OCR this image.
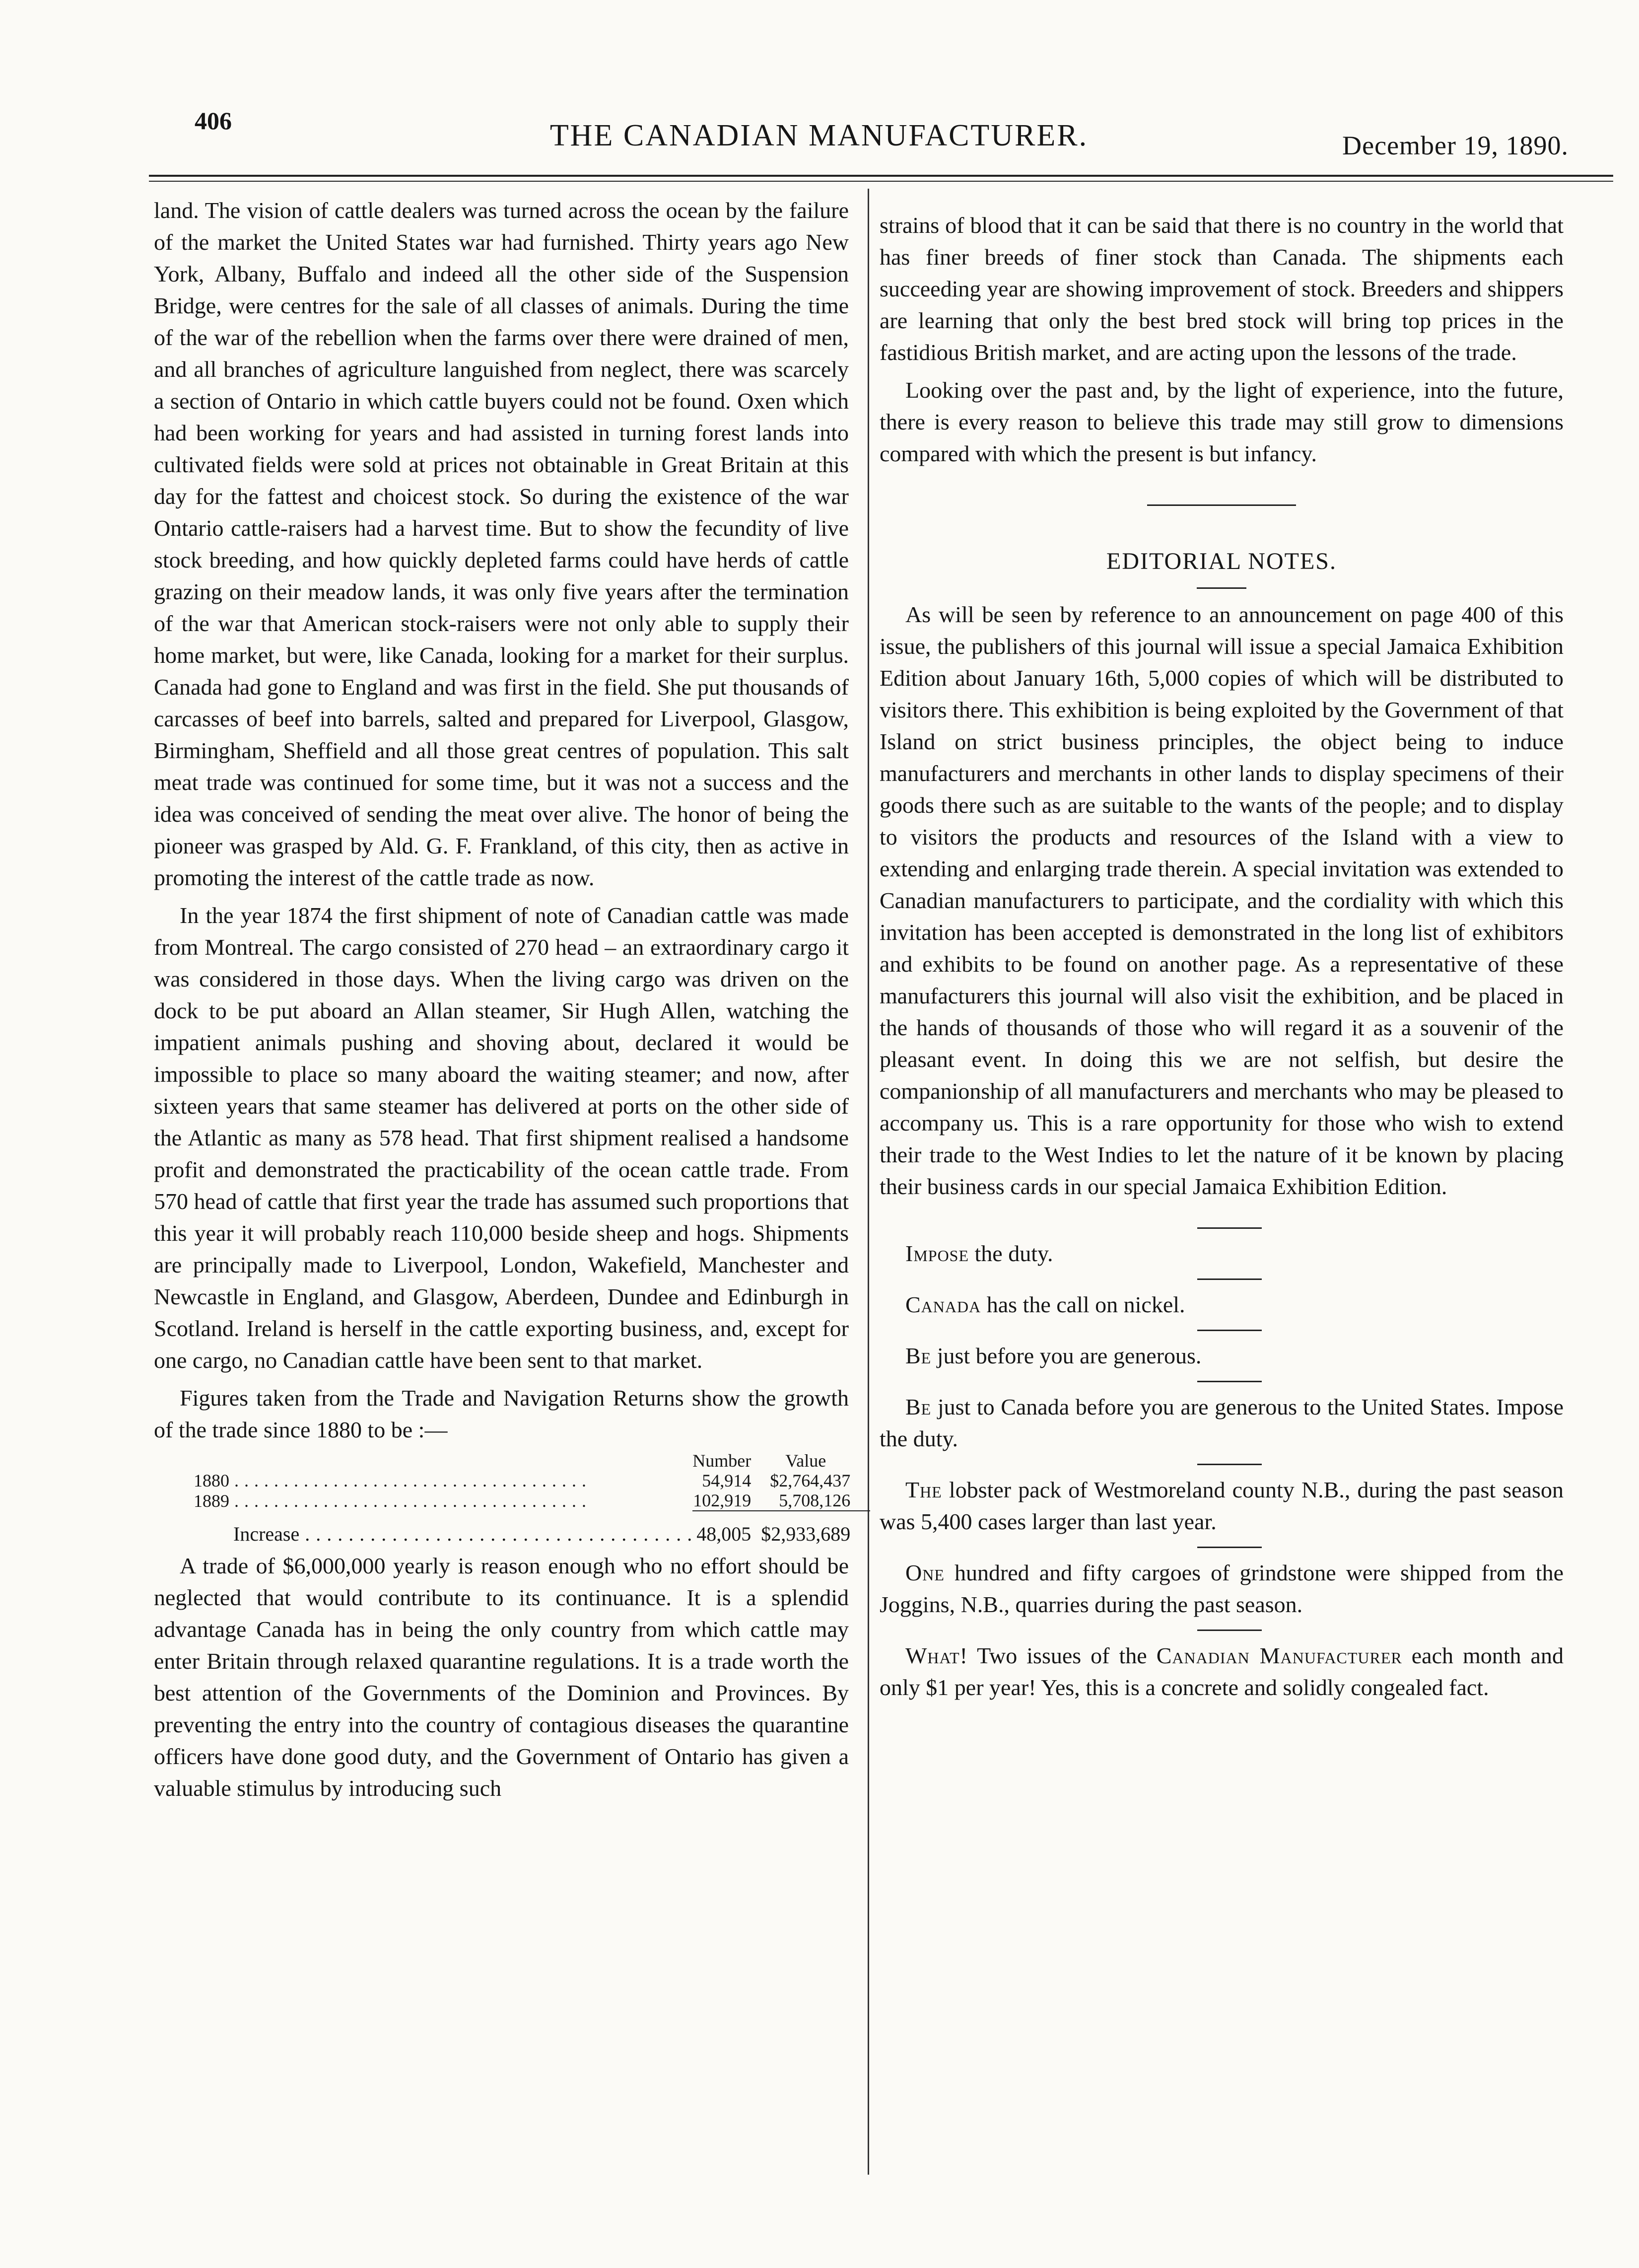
406	THE CANADIAN MANUFACTURER.	December 19, 1890.

land. The vision of cattle dealers was turned across the ocean by the failure of the market the United States war had furnished. Thirty years ago New York, Albany, Buffalo and indeed all the other side of the Suspension Bridge, were centres for the sale of all classes of animals. During the time of the war of the rebellion when the farms over there were drained of men, and all branches of agriculture languished from neglect, there was scarcely a section of Ontario in which cattle buyers could not be found. Oxen which had been working for years and had assisted in turning forest lands into cultivated fields were sold at prices not obtainable in Great Britain at this day for the fattest and choicest stock. So during the existence of the war Ontario cattle-raisers had a harvest time. But to show the fecundity of live stock breeding, and how quickly depleted farms could have herds of cattle grazing on their meadow lands, it was only five years after the termination of the war that American stock-raisers were not only able to supply their home market, but were, like Canada, looking for a market for their surplus. Canada had gone to England and was first in the field. She put thousands of carcasses of beef into barrels, salted and prepared for Liverpool, Glasgow, Birmingham, Sheffield and all those great centres of population. This salt meat trade was continued for some time, but it was not a success and the idea was conceived of sending the meat over alive. The honor of being the pioneer was grasped by Ald. G. F. Frankland, of this city, then as active in promoting the interest of the cattle trade as now.

In the year 1874 the first shipment of note of Canadian cattle was made from Montreal. The cargo consisted of 270 head – an extraordinary cargo it was considered in those days. When the living cargo was driven on the dock to be put aboard an Allan steamer, Sir Hugh Allen, watching the impatient animals pushing and shoving about, declared it would be impossible to place so many aboard the waiting steamer; and now, after sixteen years that same steamer has delivered at ports on the other side of the Atlantic as many as 578 head. That first shipment realised a handsome profit and demonstrated the practicability of the ocean cattle trade. From 570 head of cattle that first year the trade has assumed such proportions that this year it will probably reach 110,000 beside sheep and hogs. Shipments are principally made to Liverpool, London, Wakefield, Manchester and Newcastle in England, and Glasgow, Aberdeen, Dundee and Edinburgh in Scotland. Ireland is herself in the cattle exporting business, and, except for one cargo, no Canadian cattle have been sent to that market.

Figures taken from the Trade and Navigation Returns show the growth of the trade since 1880 to be :—

	Number	Value

1880 . . .	54,914	$2,764,437

1889 . . .	102,919	5,708,126

Increase . . .	48,005	$2,933,689

A trade of $6,000,000 yearly is reason enough who no effort should be neglected that would contribute to its continuance. It is a splendid advantage Canada has in being the only country from which cattle may enter Britain through relaxed quarantine regulations. It is a trade worth the best attention of the Governments of the Dominion and Provinces. By preventing the entry into the country of contagious diseases the quarantine officers have done good duty, and the Government of Ontario has given a valuable stimulus by introducing such

strains of blood that it can be said that there is no country in the world that has finer breeds of finer stock than Canada. The shipments each succeeding year are showing improvement of stock. Breeders and shippers are learning that only the best bred stock will bring top prices in the fastidious British market, and are acting upon the lessons of the trade.

Looking over the past and, by the light of experience, into the future, there is every reason to believe this trade may still grow to dimensions compared with which the present is but infancy.

EDITORIAL NOTES.

As will be seen by reference to an announcement on page 400 of this issue, the publishers of this journal will issue a special Jamaica Exhibition Edition about January 16th, 5,000 copies of which will be distributed to visitors there. This exhibition is being exploited by the Government of that Island on strict business principles, the object being to induce manufacturers and merchants in other lands to display specimens of their goods there such as are suitable to the wants of the people; and to display to visitors the products and resources of the Island with a view to extending and enlarging trade therein. A special invitation was extended to Canadian manufacturers to participate, and the cordiality with which this invitation has been accepted is demonstrated in the long list of exhibitors and exhibits to be found on another page. As a representative of these manufacturers this journal will also visit the exhibition, and be placed in the hands of thousands of those who will regard it as a souvenir of the pleasant event. In doing this we are not selfish, but desire the companionship of all manufacturers and merchants who may be pleased to accompany us. This is a rare opportunity for those who wish to extend their trade to the West Indies to let the nature of it be known by placing their business cards in our special Jamaica Exhibition Edition.

Impose the duty.

Canada has the call on nickel.

Be just before you are generous.

Be just to Canada before you are generous to the United States. Impose the duty.

The lobster pack of Westmoreland county N.B., during the past season was 5,400 cases larger than last year.

One hundred and fifty cargoes of grindstone were shipped from the Joggins, N.B., quarries during the past season.

What! Two issues of the Canadian Manufacturer each month and only $1 per year! Yes, this is a concrete and solidly congealed fact.
